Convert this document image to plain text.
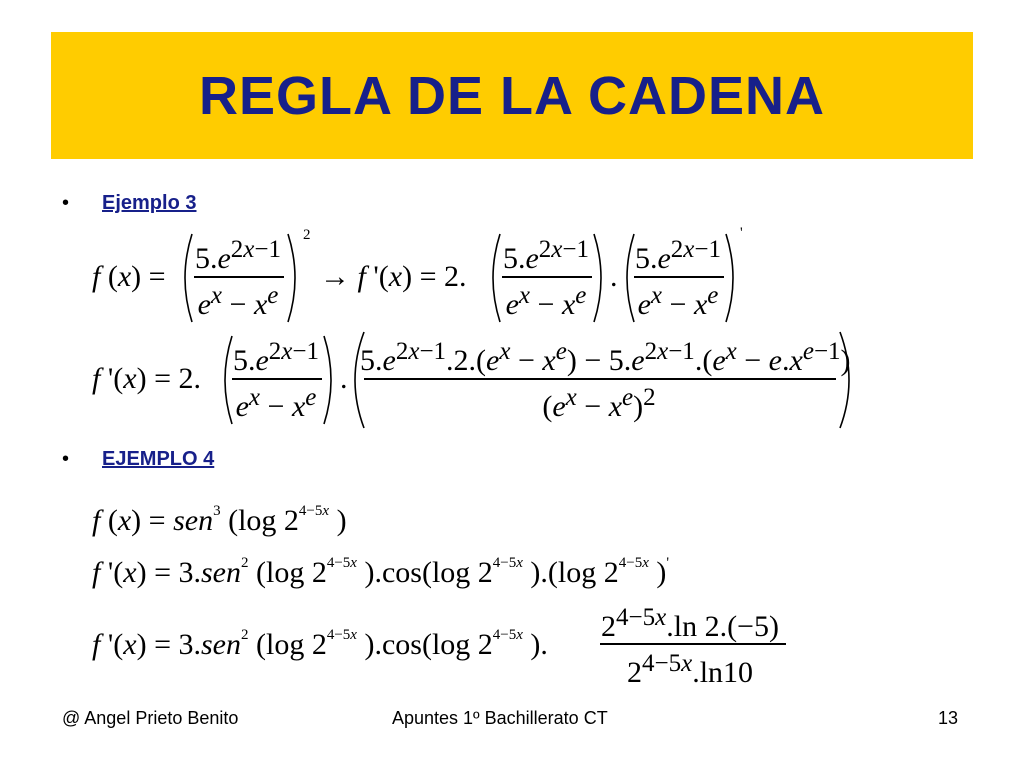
REGLA DE LA CADENA
• Ejemplo 3
f (x) =
$5.e^{2x-1}$
$e^x - x^e$
2
→ f '(x) = 2.
$5.e^{2x-1}$
$e^x - x^e$
.
$5.e^{2x-1}$
$e^x - x^e$
'
f '(x) = 2.
$5.e^{2x-1}$
$e^x - x^e$
.
$5.e^{2x-1}.2.(e^x - x^e) - 5.e^{2x-1}.(e^x - e.x^{e-1})$
$(e^x - x^e)^2$
• EJEMPLO 4
f (x) = sen$^3$ (log $2^{4-5x}$ )
f '(x) = 3.sen$^2$ (log $2^{4-5x}$ ).cos(log $2^{4-5x}$ ).(log $2^{4-5x}$ )'
f '(x) = 3.sen$^2$ (log $2^{4-5x}$ ).cos(log $2^{4-5x}$ ).
$2^{4-5x}.\ln$ 2.(−5)
$2^{4-5x}.\ln 10$
@ Angel Prieto Benito	Apuntes 1º Bachillerato CT	13
